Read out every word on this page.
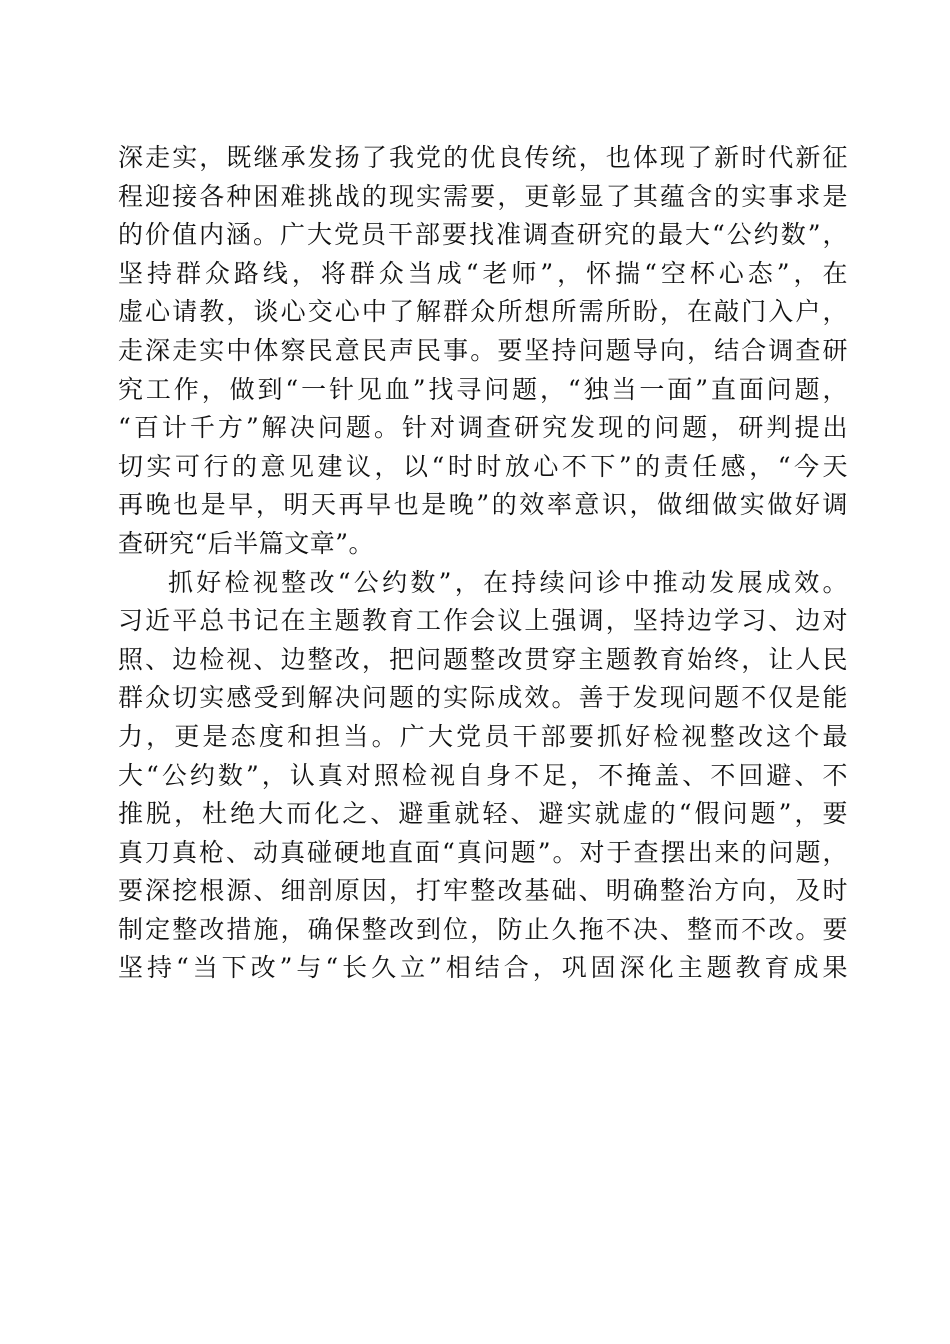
深走实，既继承发扬了我党的优良传统，也体现了新时代新征
程迎接各种困难挑战的现实需要，更彰显了其蕴含的实事求是
的价值内涵。广大党员干部要找准调查研究的最大“公约数”，
坚持群众路线，将群众当成“老师”，怀揣“空杯心态”，在
虚心请教，谈心交心中了解群众所想所需所盼，在敲门入户，
走深走实中体察民意民声民事。要坚持问题导向，结合调查研
究工作，做到“一针见血”找寻问题，“独当一面”直面问题，
“百计千方”解决问题。针对调查研究发现的问题，研判提出
切实可行的意见建议，以“时时放心不下”的责任感，“今天
再晚也是早，明天再早也是晚”的效率意识，做细做实做好调
查研究“后半篇文章”。
抓好检视整改“公约数”，在持续问诊中推动发展成效。
习近平总书记在主题教育工作会议上强调，坚持边学习、边对
照、边检视、边整改，把问题整改贯穿主题教育始终，让人民
群众切实感受到解决问题的实际成效。善于发现问题不仅是能
力，更是态度和担当。广大党员干部要抓好检视整改这个最
大“公约数”，认真对照检视自身不足，不掩盖、不回避、不
推脱，杜绝大而化之、避重就轻、避实就虚的“假问题”，要
真刀真枪、动真碰硬地直面“真问题”。对于查摆出来的问题，
要深挖根源、细剖原因，打牢整改基础、明确整治方向，及时
制定整改措施，确保整改到位，防止久拖不决、整而不改。要
坚持“当下改”与“长久立”相结合，巩固深化主题教育成果
